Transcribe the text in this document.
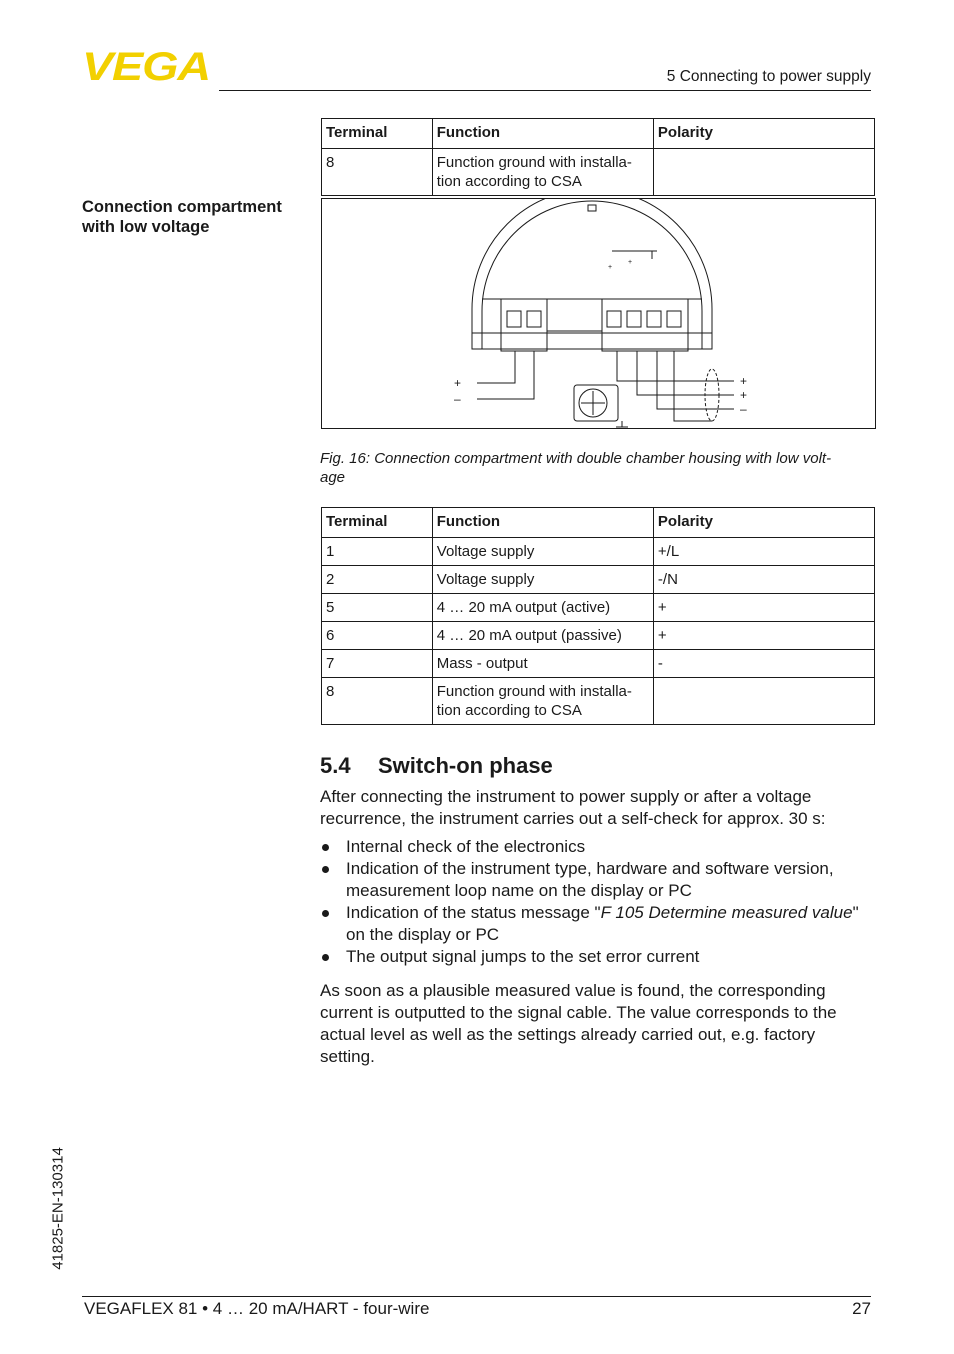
VEGA	5 Connecting to power supply
Connection compartment with low voltage
Terminal	Function	Polarity
8	Function ground with installa-
tion according to CSA	
+
–
+
+
–
+
+
Fig. 16: Connection compartment with double chamber housing with low volt-
age
Terminal	Function	Polarity
1	Voltage supply	+/L
2	Voltage supply	-/N
5	4 … 20 mA output (active)	+
6	4 … 20 mA output (passive)	+
7	Mass - output	-
8	Function ground with installa-
tion according to CSA	
5.4 Switch-on phase
After connecting the instrument to power supply or after a voltage recurrence, the instrument carries out a self-check for approx. 30 s:
Internal check of the electronics
Indication of the instrument type, hardware and software version, measurement loop name on the display or PC
Indication of the status message "F 105 Determine measured value" on the display or PC
The output signal jumps to the set error current
As soon as a plausible measured value is found, the corresponding current is outputted to the signal cable. The value corresponds to the actual level as well as the settings already carried out, e.g. factory setting.
41825-EN-130314
VEGAFLEX 81 • 4 … 20 mA/HART - four-wire	27
